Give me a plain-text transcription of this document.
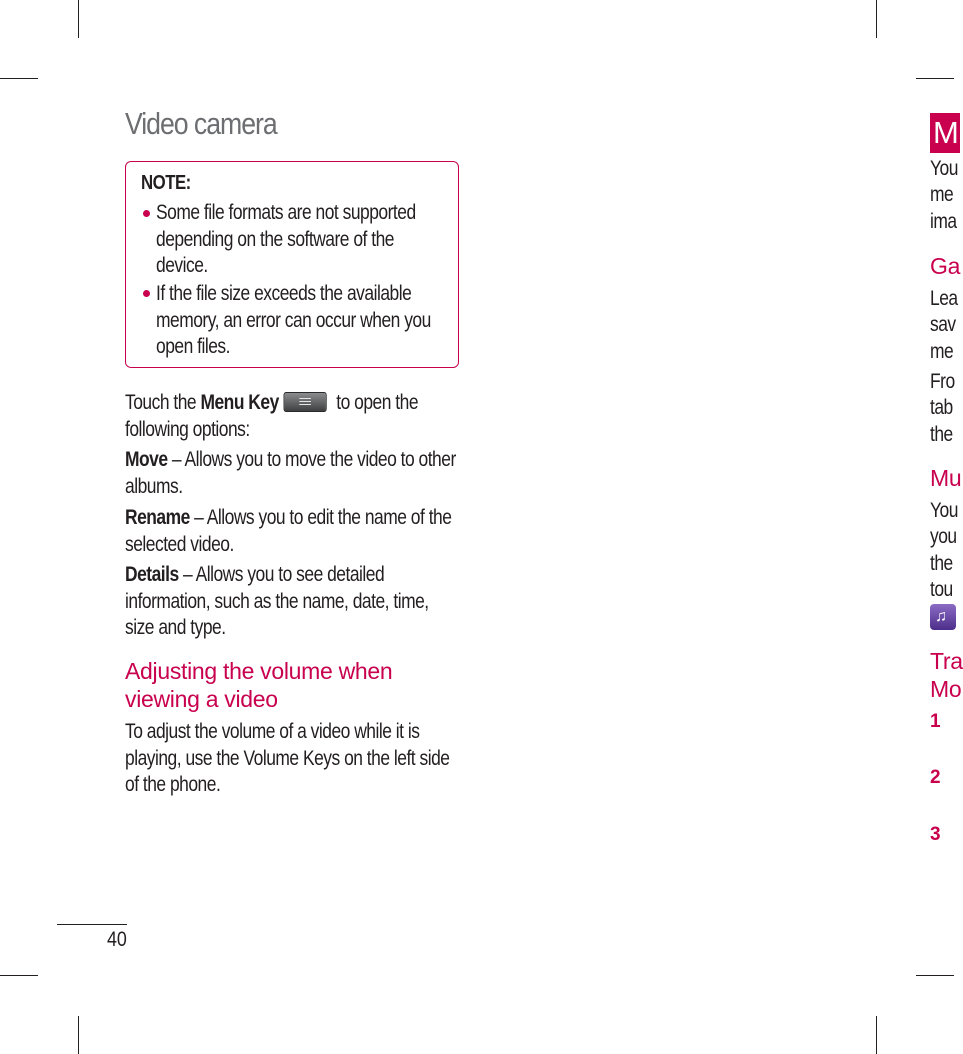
Video camera
NOTE:
Some file formats are not supported depending on the software of the device.
If the file size exceeds the available memory, an error can occur when you open files.
Touch the Menu Key	to open the following options:
Move – Allows you to move the video to other albums.
Rename – Allows you to edit the name of the selected video.
Details – Allows you to see detailed information, such as the name, date, time, size and type.
Adjusting the volume when viewing a video
To adjust the volume of a video while it is playing, use the Volume Keys on the left side of the phone.
40
M
You
me
ima
Ga
Lea
sav
me
Fro
tab
the
Mu
You
you
the
tou
♫
Tra
Mo
1
2
3
